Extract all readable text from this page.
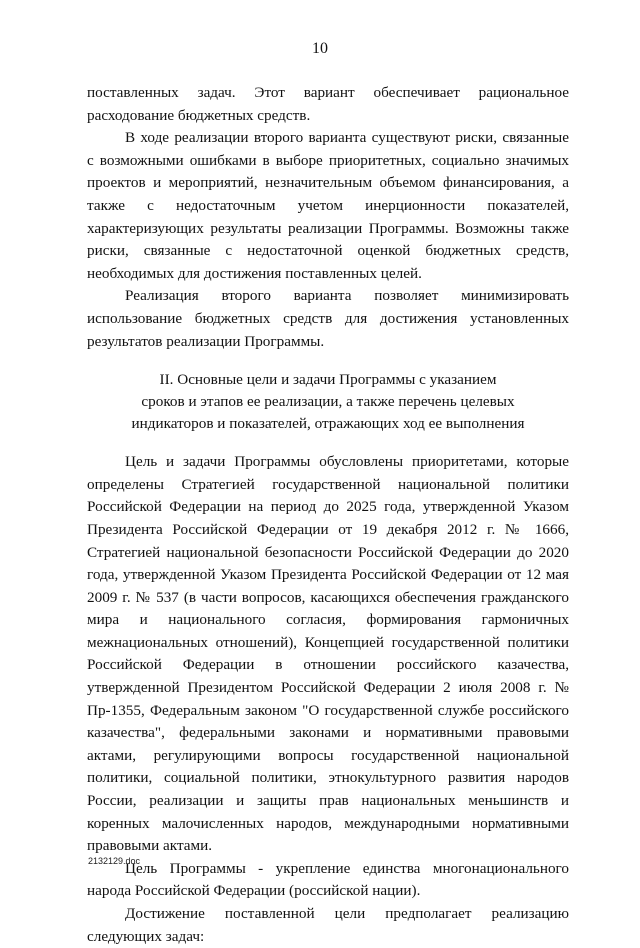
10

поставленных задач. Этот вариант обеспечивает рациональное расходование бюджетных средств.

В ходе реализации второго варианта существуют риски, связанные с возможными ошибками в выборе приоритетных, социально значимых проектов и мероприятий, незначительным объемом финансирования, а также с недостаточным учетом инерционности показателей, характеризующих результаты реализации Программы. Возможны также риски, связанные с недостаточной оценкой бюджетных средств, необходимых для достижения поставленных целей.

Реализация второго варианта позволяет минимизировать использование бюджетных средств для достижения установленных результатов реализации Программы.

II. Основные цели и задачи Программы с указанием
сроков и этапов ее реализации, а также перечень целевых
индикаторов и показателей, отражающих ход ее выполнения

Цель и задачи Программы обусловлены приоритетами, которые определены Стратегией государственной национальной политики Российской Федерации на период до 2025 года, утвержденной Указом Президента Российской Федерации от 19 декабря 2012 г. № 1666, Стратегией национальной безопасности Российской Федерации до 2020 года, утвержденной Указом Президента Российской Федерации от 12 мая 2009 г. № 537 (в части вопросов, касающихся обеспечения гражданского мира и национального согласия, формирования гармоничных межнациональных отношений), Концепцией государственной политики Российской Федерации в отношении российского казачества, утвержденной Президентом Российской Федерации 2 июля 2008 г. № Пр-1355, Федеральным законом "О государственной службе российского казачества", федеральными законами и нормативными правовыми актами, регулирующими вопросы государственной национальной политики, социальной политики, этнокультурного развития народов России, реализации и защиты прав национальных меньшинств и коренных малочисленных народов, международными нормативными правовыми актами.

Цель Программы - укрепление единства многонационального народа Российской Федерации (российской нации).

Достижение поставленной цели предполагает реализацию следующих задач:

2132129.doc
